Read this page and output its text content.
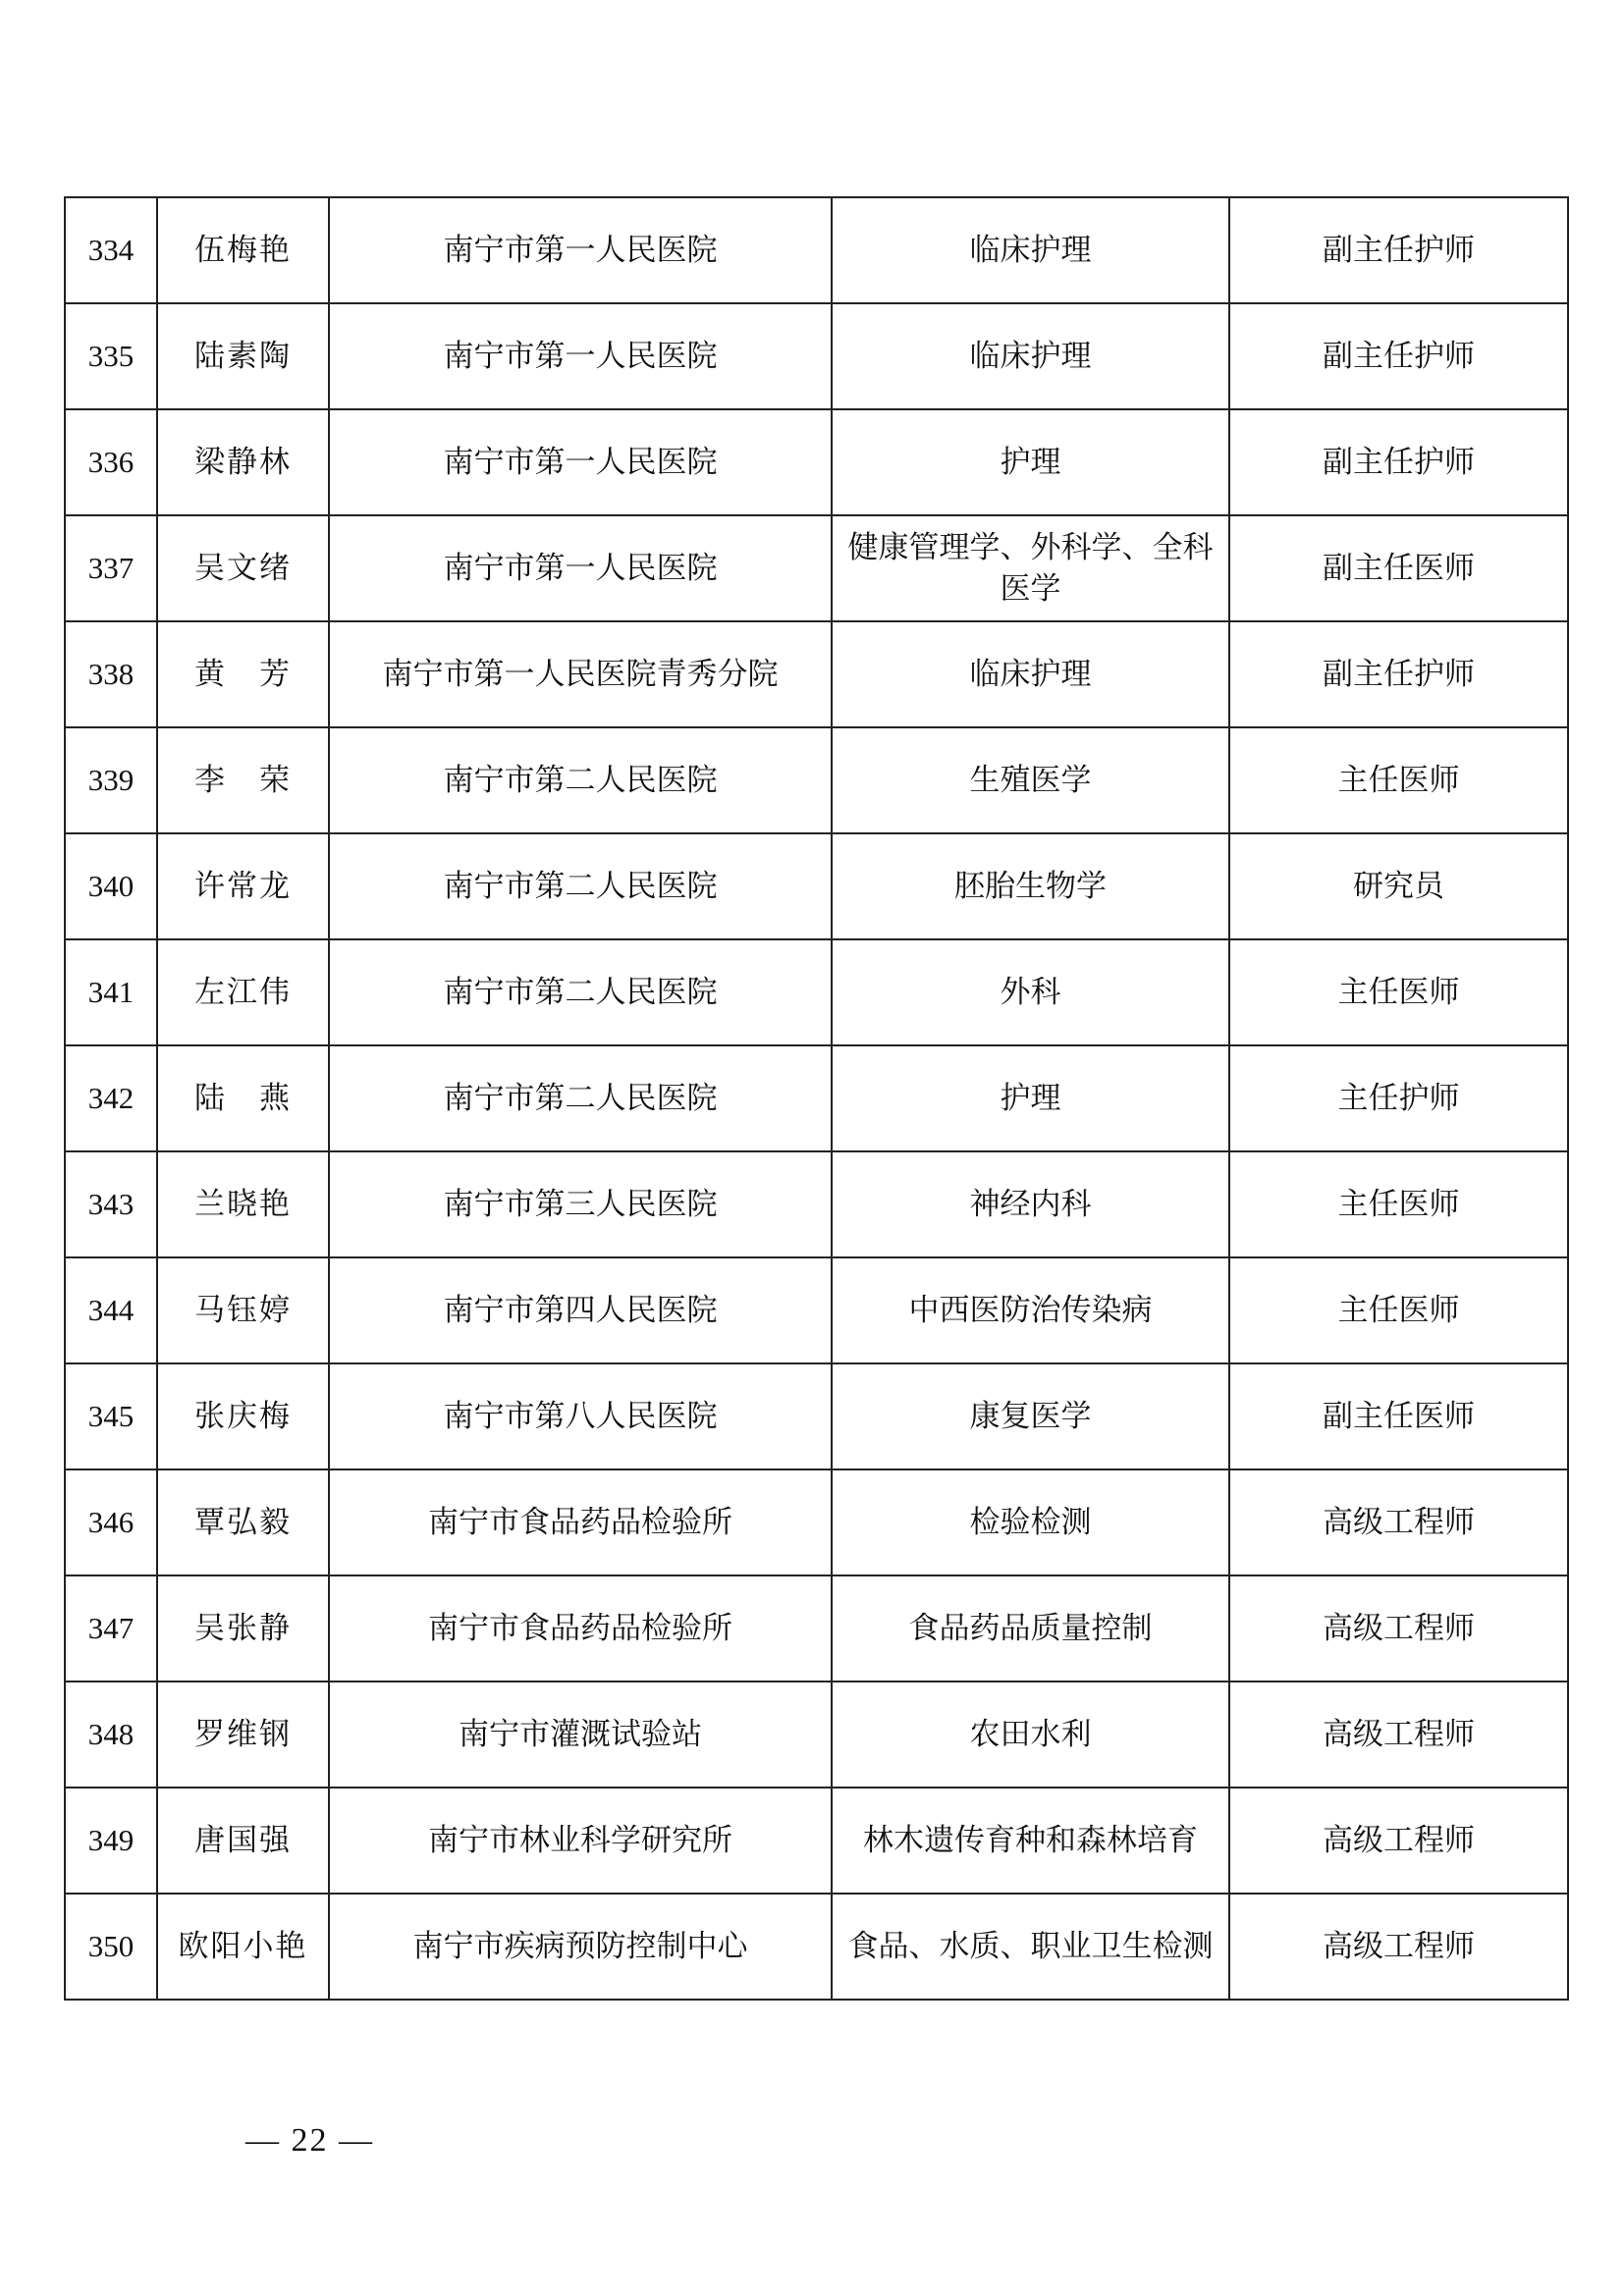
334	伍梅艳	南宁市第一人民医院	临床护理	副主任护师
335	陆素陶	南宁市第一人民医院	临床护理	副主任护师
336	梁静林	南宁市第一人民医院	护理	副主任护师
337	吴文绪	南宁市第一人民医院	健康管理学、外科学、全科医学	副主任医师
338	黄　芳	南宁市第一人民医院青秀分院	临床护理	副主任护师
339	李　荣	南宁市第二人民医院	生殖医学	主任医师
340	许常龙	南宁市第二人民医院	胚胎生物学	研究员
341	左江伟	南宁市第二人民医院	外科	主任医师
342	陆　燕	南宁市第二人民医院	护理	主任护师
343	兰晓艳	南宁市第三人民医院	神经内科	主任医师
344	马钰婷	南宁市第四人民医院	中西医防治传染病	主任医师
345	张庆梅	南宁市第八人民医院	康复医学	副主任医师
346	覃弘毅	南宁市食品药品检验所	检验检测	高级工程师
347	吴张静	南宁市食品药品检验所	食品药品质量控制	高级工程师
348	罗维钢	南宁市灌溉试验站	农田水利	高级工程师
349	唐国强	南宁市林业科学研究所	林木遗传育种和森林培育	高级工程师
350	欧阳小艳	南宁市疾病预防控制中心	食品、水质、职业卫生检测	高级工程师
— 22 —
